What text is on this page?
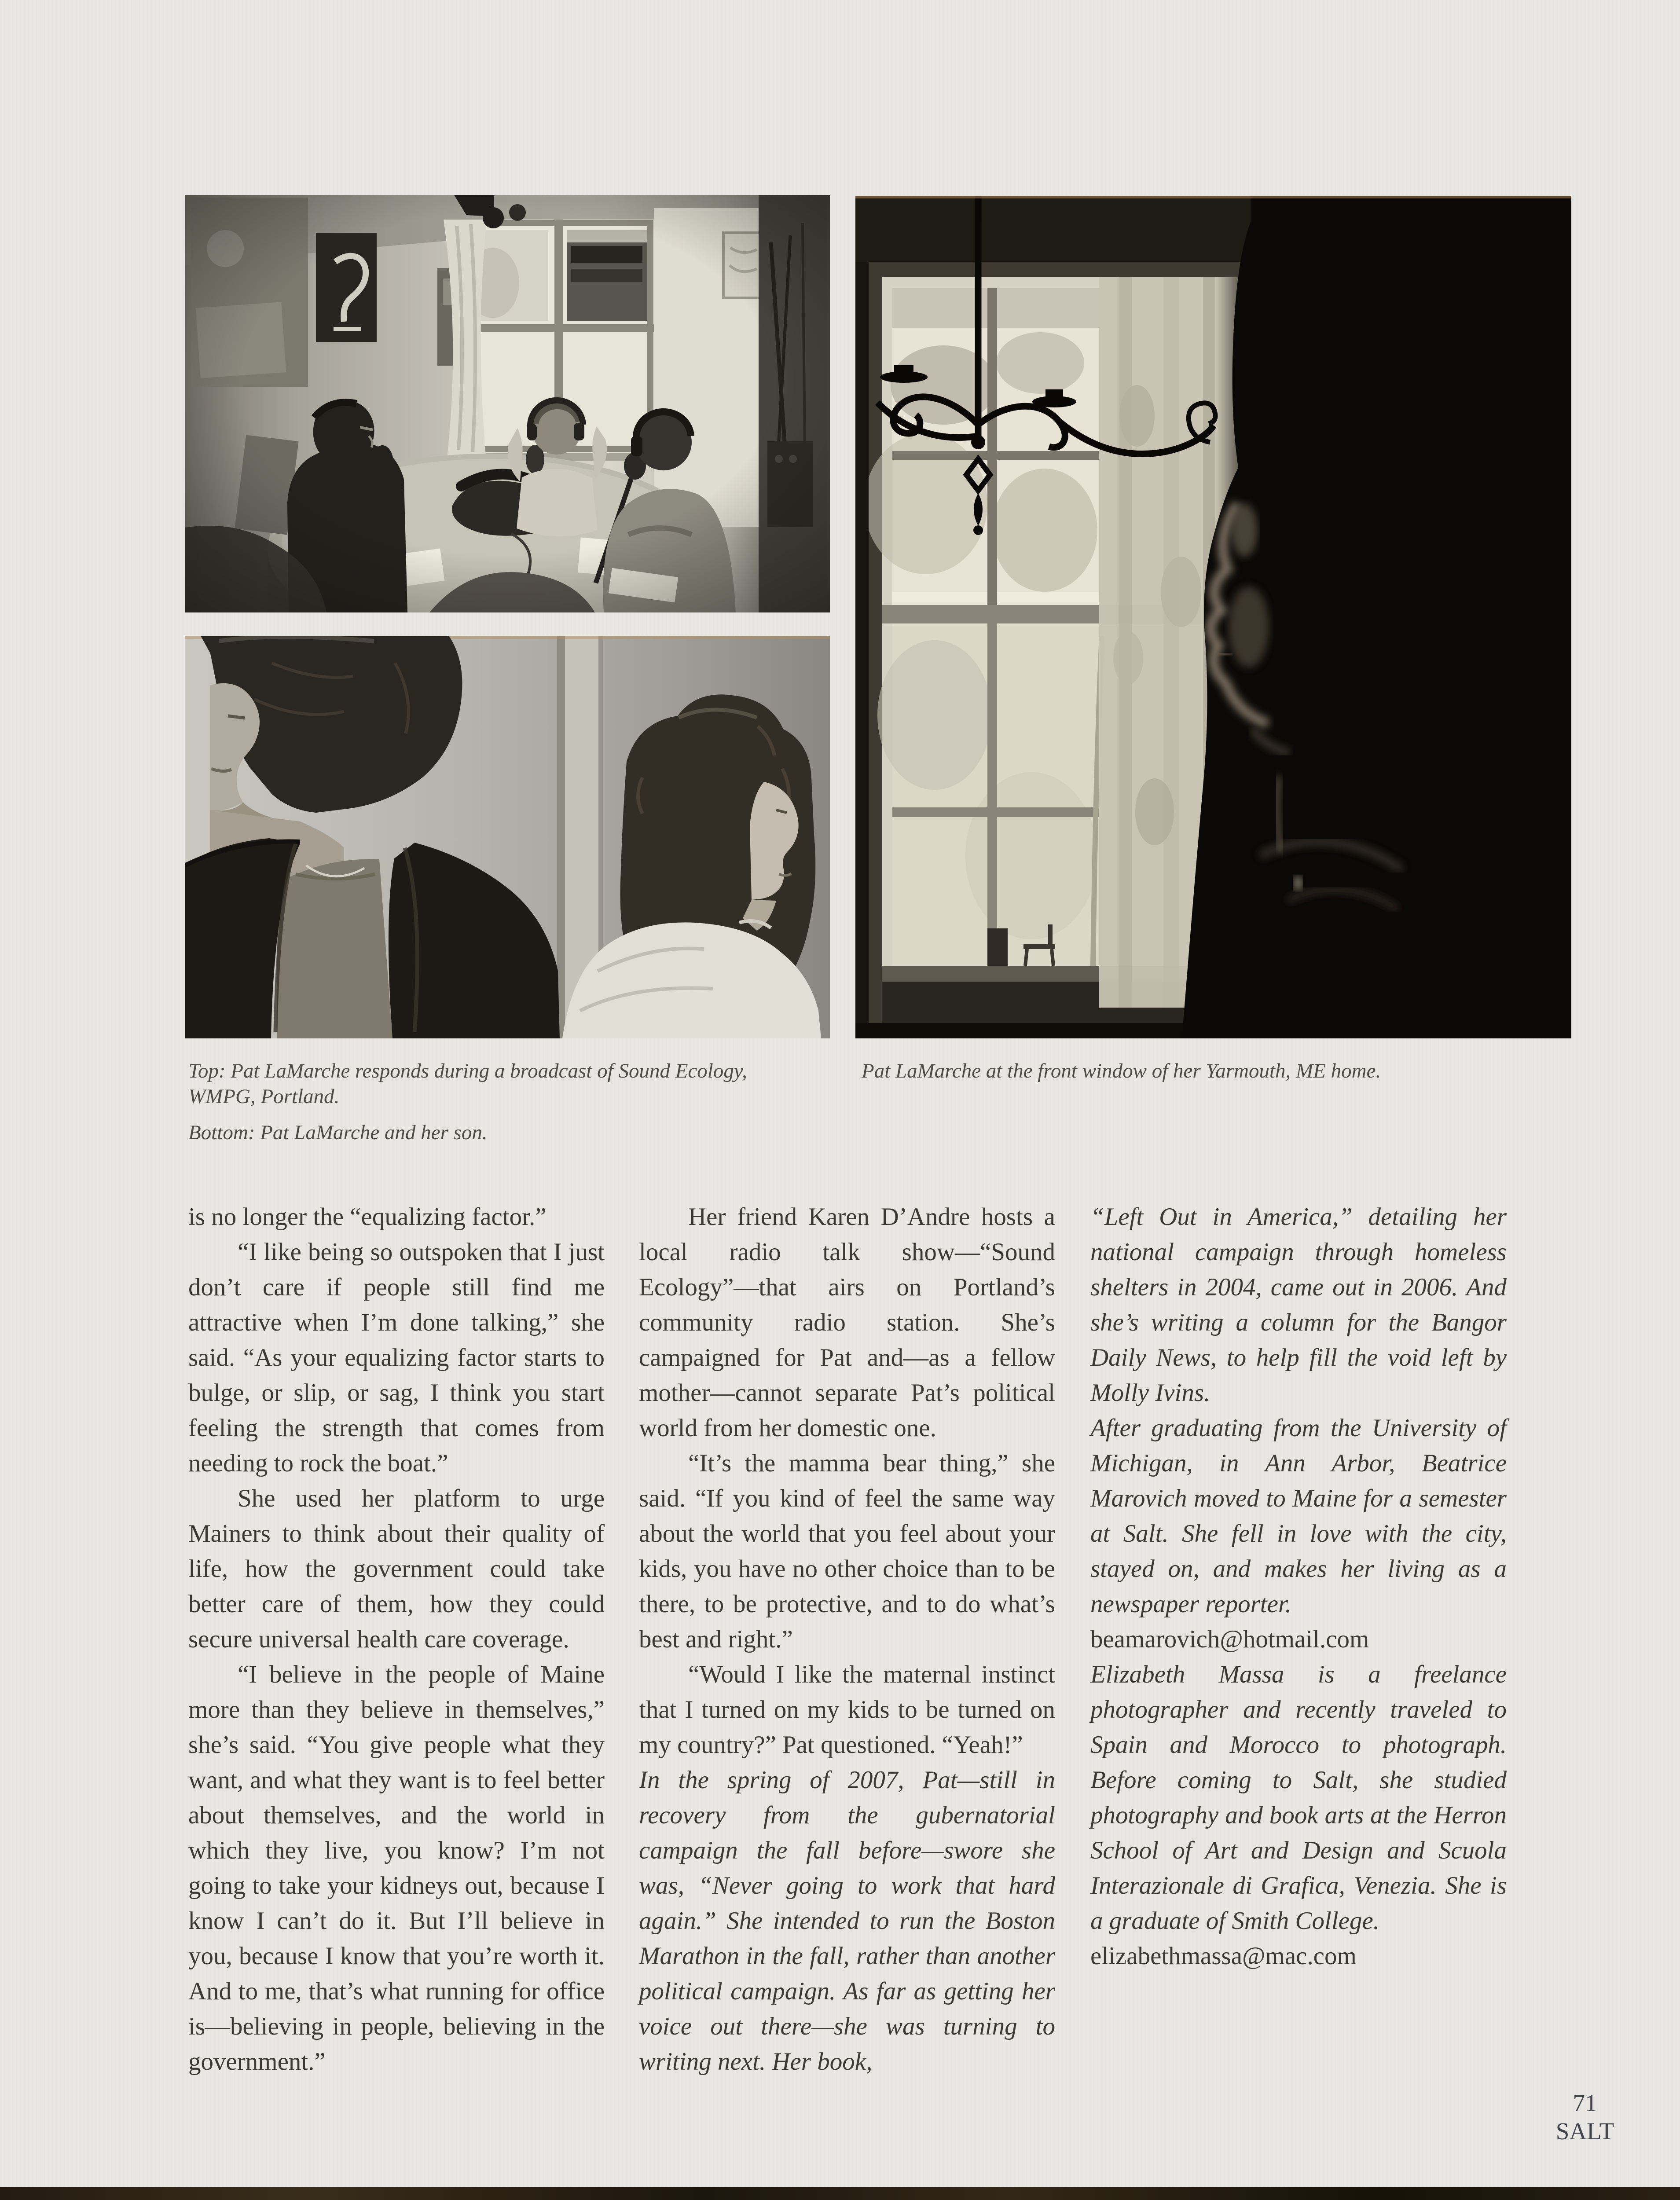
Top: Pat LaMarche responds during a broadcast of Sound Ecology,
WMPG, Portland.
Bottom: Pat LaMarche and her son.
Pat LaMarche at the front window of her Yarmouth, ME home.

is no longer the “equalizing factor.”

“I like being so outspoken that I just don’t care if people still find me attractive when I’m done talking,” she said. “As your equalizing factor starts to bulge, or slip, or sag, I think you start feeling the strength that comes from needing to rock the boat.”

She used her platform to urge Mainers to think about their quality of life, how the government could take better care of them, how they could secure universal health care coverage.

“I believe in the people of Maine more than they believe in themselves,” she’s said. “You give people what they want, and what they want is to feel better about themselves, and the world in which they live, you know? I’m not going to take your kidneys out, because I know I can’t do it. But I’ll believe in you, because I know that you’re worth it. And to me, that’s what running for office is—believing in people, believing in the government.”

Her friend Karen D’Andre hosts a local radio talk show—“Sound Ecology”—that airs on Portland’s community radio station. She’s campaigned for Pat and—as a fellow mother—cannot separate Pat’s political world from her domestic one.

“It’s the mamma bear thing,” she said. “If you kind of feel the same way about the world that you feel about your kids, you have no other choice than to be there, to be protective, and to do what’s best and right.”

“Would I like the maternal instinct that I turned on my kids to be turned on my country?” Pat questioned. “Yeah!”

In the spring of 2007, Pat—still in recovery from the gubernatorial campaign the fall before—swore she was, “Never going to work that hard again.” She intended to run the Boston Marathon in the fall, rather than another political campaign. As far as getting her voice out there—she was turning to writing next. Her book,

“Left Out in America,” detailing her national campaign through homeless shelters in 2004, came out in 2006. And she’s writing a column for the Bangor Daily News, to help fill the void left by Molly Ivins.

After graduating from the University of Michigan, in Ann Arbor, Beatrice Marovich moved to Maine for a semester at Salt. She fell in love with the city, stayed on, and makes her living as a newspaper reporter.

beamarovich@hotmail.com

Elizabeth Massa is a freelance photographer and recently traveled to Spain and Morocco to photograph. Before coming to Salt, she studied photography and book arts at the Herron School of Art and Design and Scuola Interazionale di Grafica, Venezia. She is a graduate of Smith College.

elizabethmassa@mac.com

71
SALT
